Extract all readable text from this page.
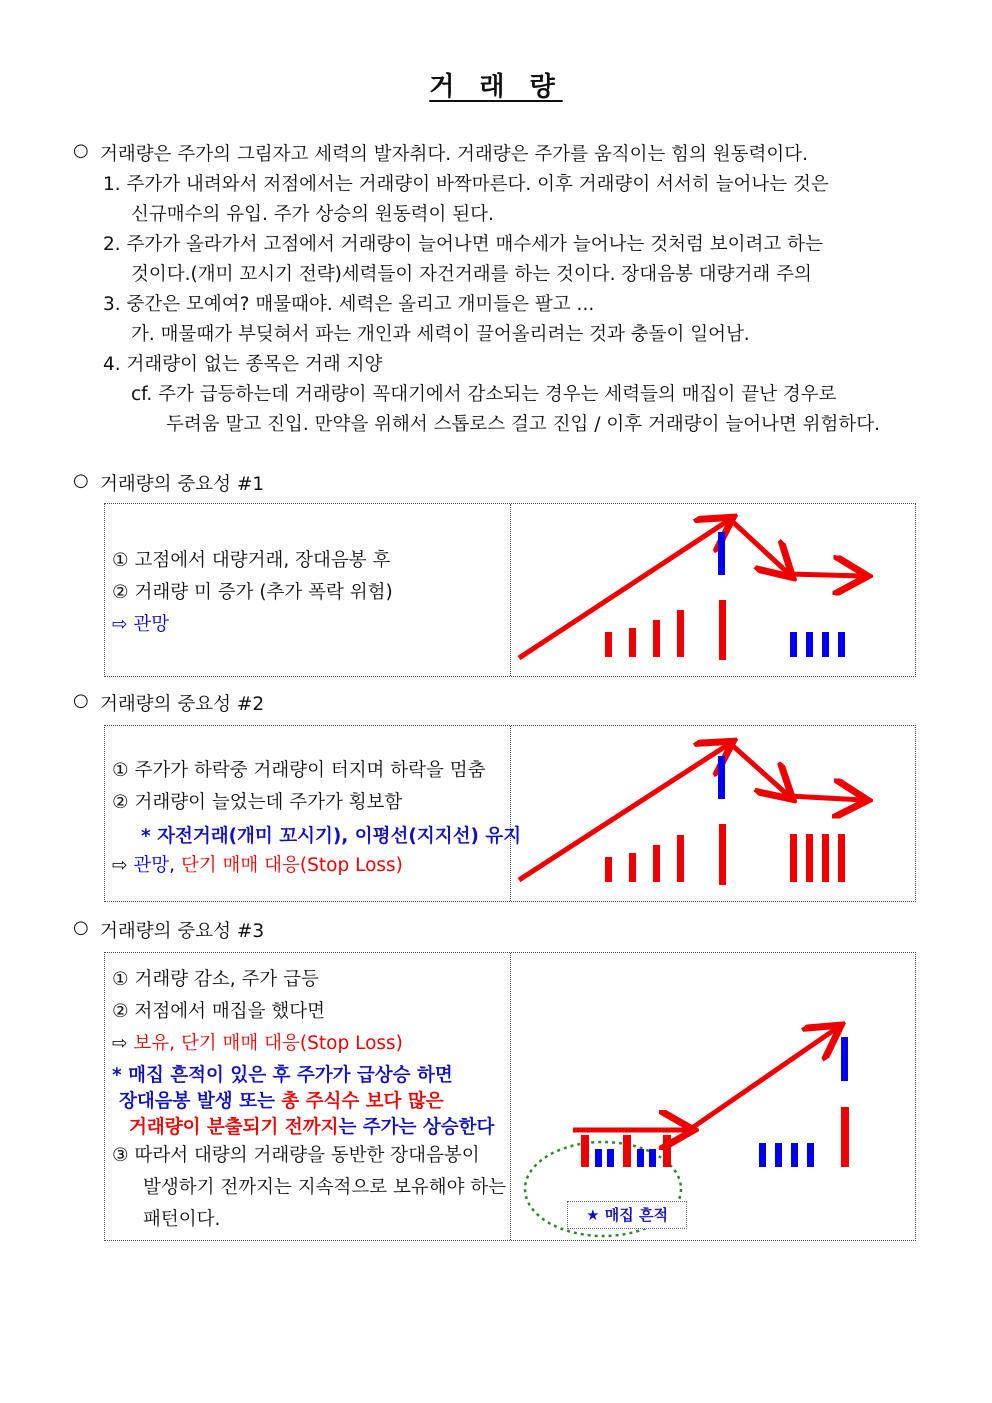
거 래 량
○ 거래량은 주가의 그림자고 세력의 발자취다. 거래량은 주가를 움직이는 힘의 원동력이다.
1. 주가가 내려와서 저점에서는 거래량이 바짝마른다. 이후 거래량이 서서히 늘어나는 것은
신규매수의 유입. 주가 상승의 원동력이 된다.
2. 주가가 올라가서 고점에서 거래량이 늘어나면 매수세가 늘어나는 것처럼 보이려고 하는
것이다.(개미 꼬시기 전략)세력들이 자건거래를 하는 것이다. 장대음봉 대량거래 주의
3. 중간은 모예여? 매물때야. 세력은 올리고 개미들은 팔고 ...
가. 매물때가 부딪혀서 파는 개인과 세력이 끌어올리려는 것과 충돌이 일어남.
4. 거래량이 없는 종목은 거래 지양
cf. 주가 급등하는데 거래량이 꼭대기에서 감소되는 경우는 세력들의 매집이 끝난 경우로
두려움 말고 진입. 만약을 위해서 스톱로스 걸고 진입 / 이후 거래량이 늘어나면 위험하다.
○ 거래량의 중요성 #1
① 고점에서 대량거래, 장대음봉 후
② 거래량 미 증가 (추가 폭락 위험)
⇨ 관망
○ 거래량의 중요성 #2
① 주가가 하락중 거래량이 터지며 하락을 멈춤
② 거래량이 늘었는데 주가가 횡보함
* 자전거래(개미 꼬시기), 이평선(지지선) 유지
⇨ 관망, 단기 매매 대응(Stop Loss)
○ 거래량의 중요성 #3
① 거래량 감소, 주가 급등
② 저점에서 매집을 했다면
⇨ 보유, 단기 매매 대응(Stop Loss)
* 매집 흔적이 있은 후 주가가 급상승 하면
장대음봉 발생 또는 총 주식수 보다 많은
거래량이 분출되기 전까지는 주가는 상승한다
③ 따라서 대량의 거래량을 동반한 장대음봉이
발생하기 전까지는 지속적으로 보유해야 하는
패턴이다.	★ 매집 흔적
